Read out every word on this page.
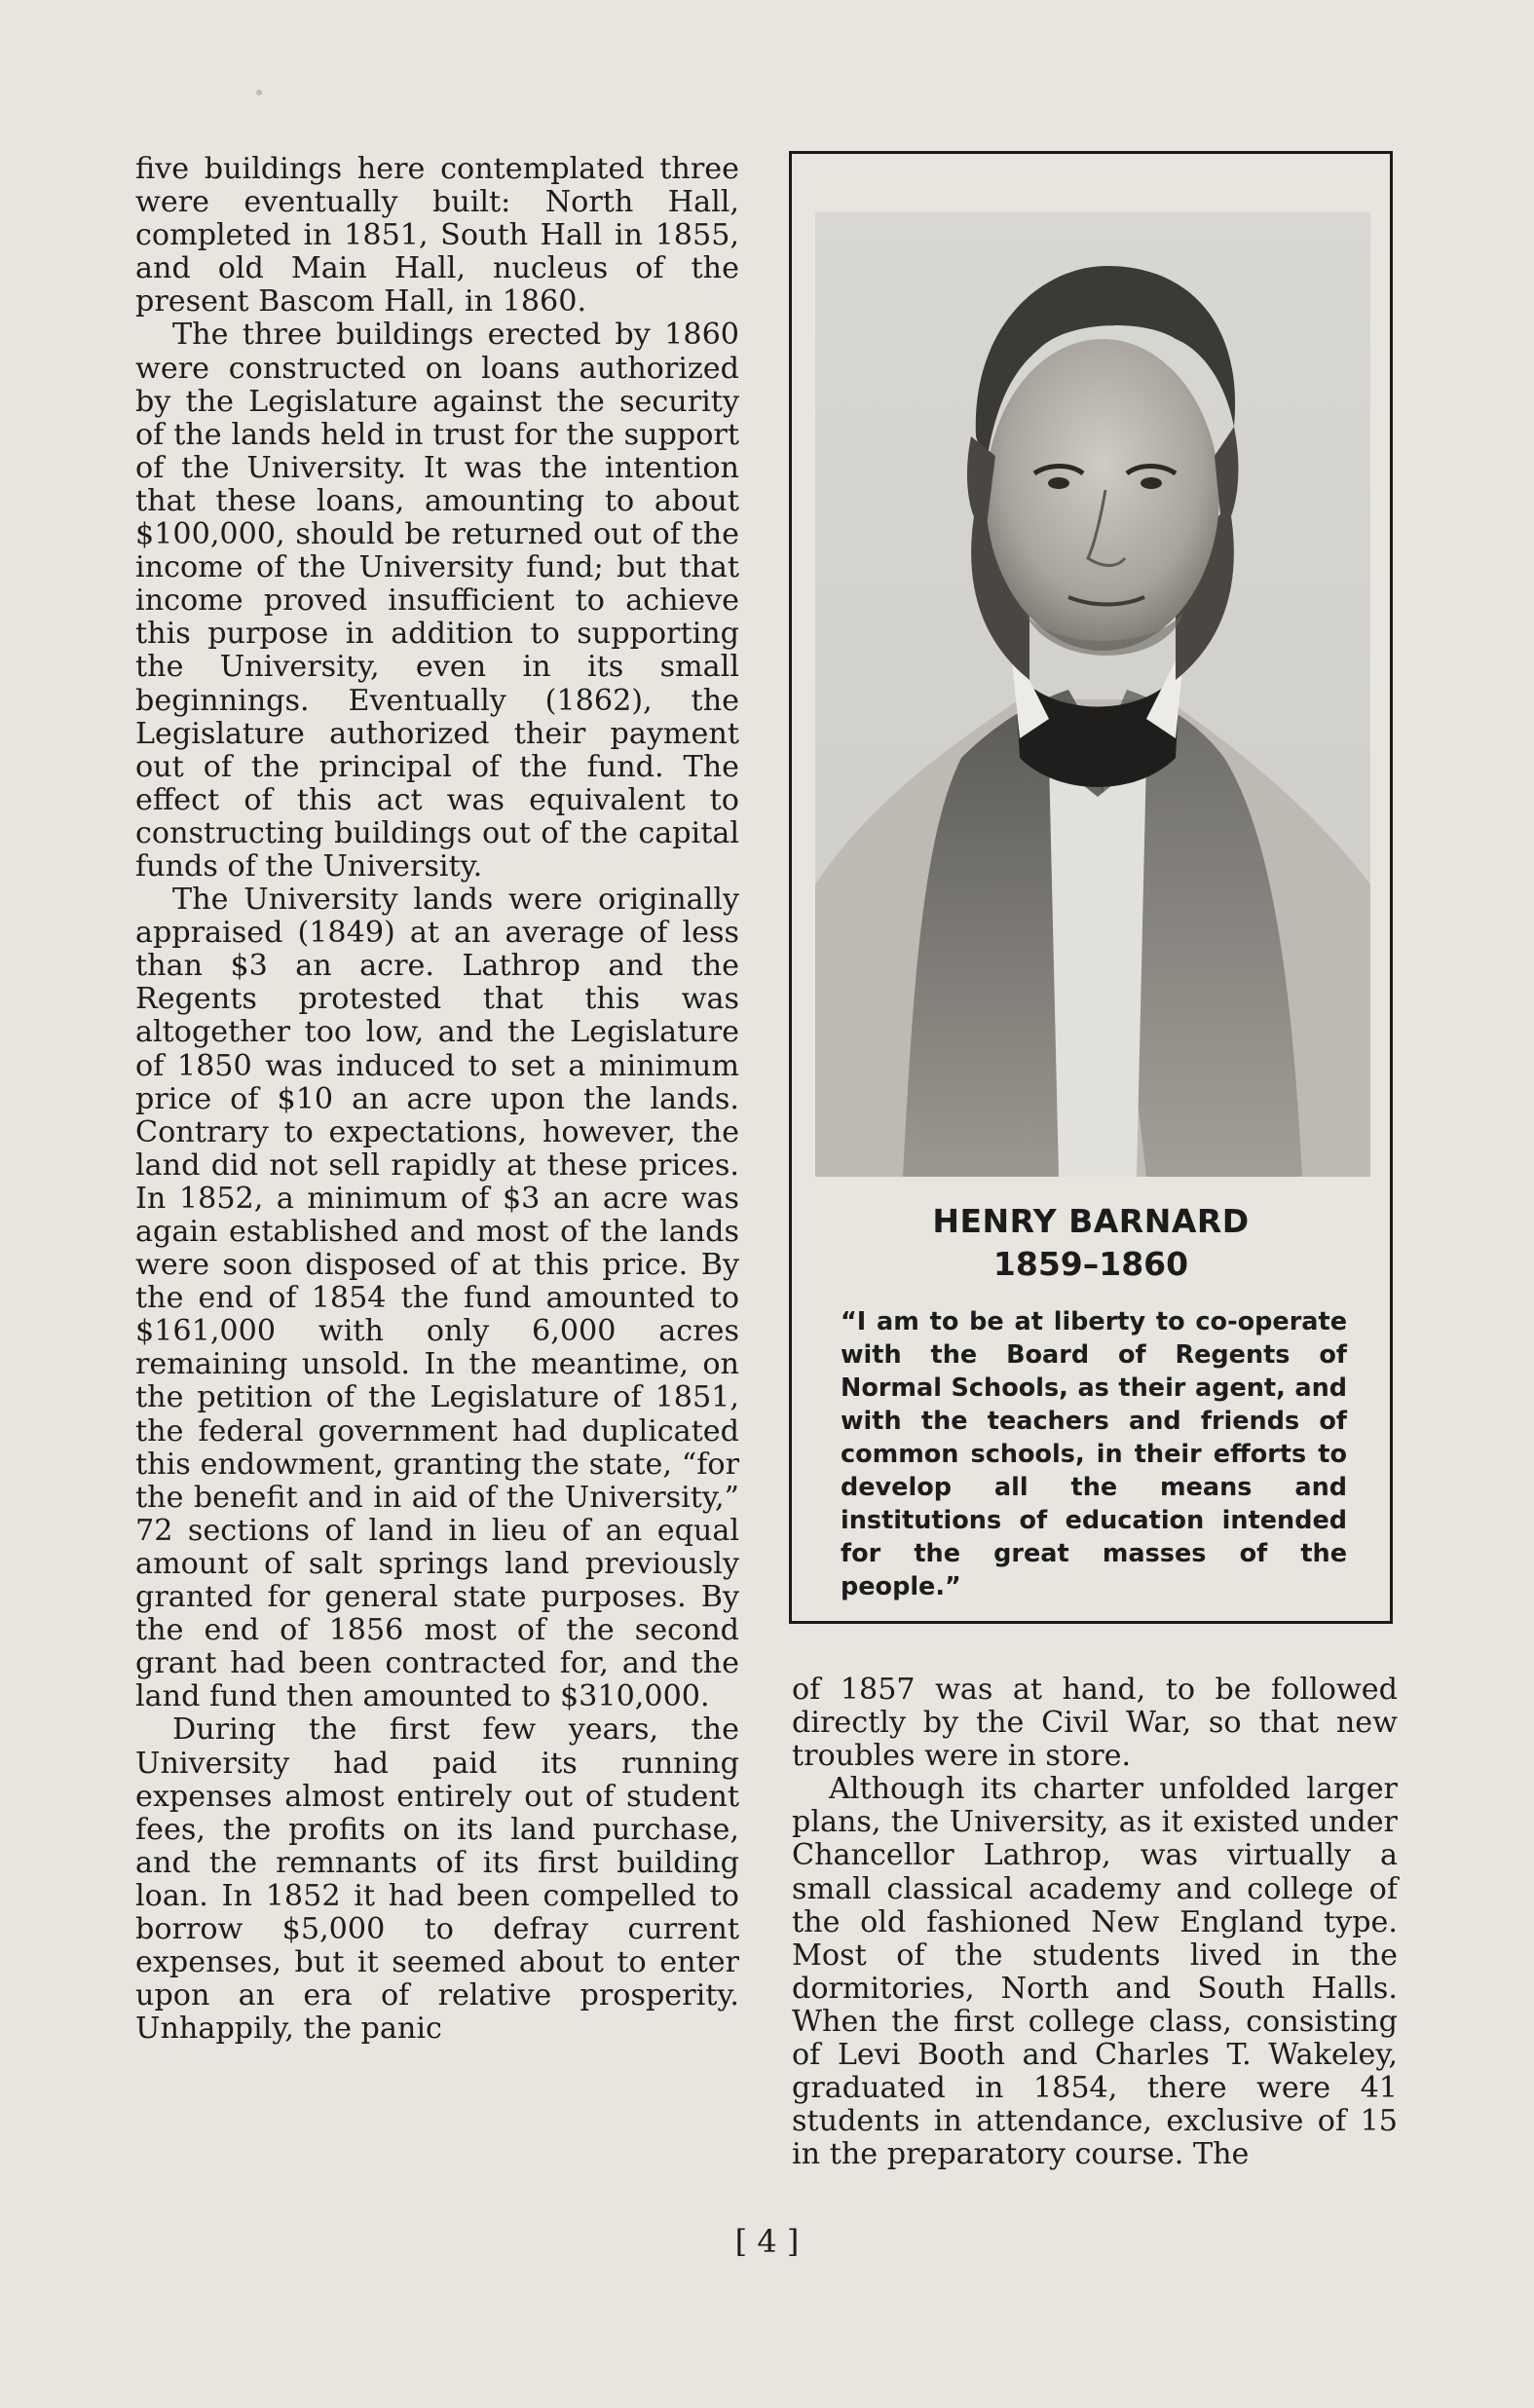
five buildings here contemplated three were eventually built: North Hall, completed in 1851, South Hall in 1855, and old Main Hall, nucleus of the present Bascom Hall, in 1860.

The three buildings erected by 1860 were constructed on loans authorized by the Legislature against the security of the lands held in trust for the support of the University. It was the intention that these loans, amounting to about $100,000, should be returned out of the income of the University fund; but that income proved insufficient to achieve this purpose in addition to supporting the University, even in its small beginnings. Eventually (1862), the Legislature authorized their payment out of the principal of the fund. The effect of this act was equivalent to constructing buildings out of the capital funds of the University.

The University lands were originally appraised (1849) at an average of less than $3 an acre. Lathrop and the Regents protested that this was altogether too low, and the Legislature of 1850 was induced to set a minimum price of $10 an acre upon the lands. Contrary to expectations, however, the land did not sell rapidly at these prices. In 1852, a minimum of $3 an acre was again established and most of the lands were soon disposed of at this price. By the end of 1854 the fund amounted to $161,000 with only 6,000 acres remaining unsold. In the meantime, on the petition of the Legislature of 1851, the federal government had duplicated this endowment, granting the state, “for the benefit and in aid of the University,” 72 sections of land in lieu of an equal amount of salt springs land previously granted for general state purposes. By the end of 1856 most of the second grant had been contracted for, and the land fund then amounted to $310,000.

During the first few years, the University had paid its running expenses almost entirely out of student fees, the profits on its land purchase, and the remnants of its first building loan. In 1852 it had been compelled to borrow $5,000 to defray current expenses, but it seemed about to enter upon an era of relative prosperity. Unhappily, the panic

HENRY BARNARD
1859–1860

“I am to be at liberty to co-operate with the Board of Regents of Normal Schools, as their agent, and with the teachers and friends of common schools, in their efforts to develop all the means and institutions of education intended for the great masses of the people.”

of 1857 was at hand, to be followed directly by the Civil War, so that new troubles were in store.

Although its charter unfolded larger plans, the University, as it existed under Chancellor Lathrop, was virtually a small classical academy and college of the old fashioned New England type. Most of the students lived in the dormitories, North and South Halls. When the first college class, consisting of Levi Booth and Charles T. Wakeley, graduated in 1854, there were 41 students in attendance, exclusive of 15 in the preparatory course. The

[ 4 ]
